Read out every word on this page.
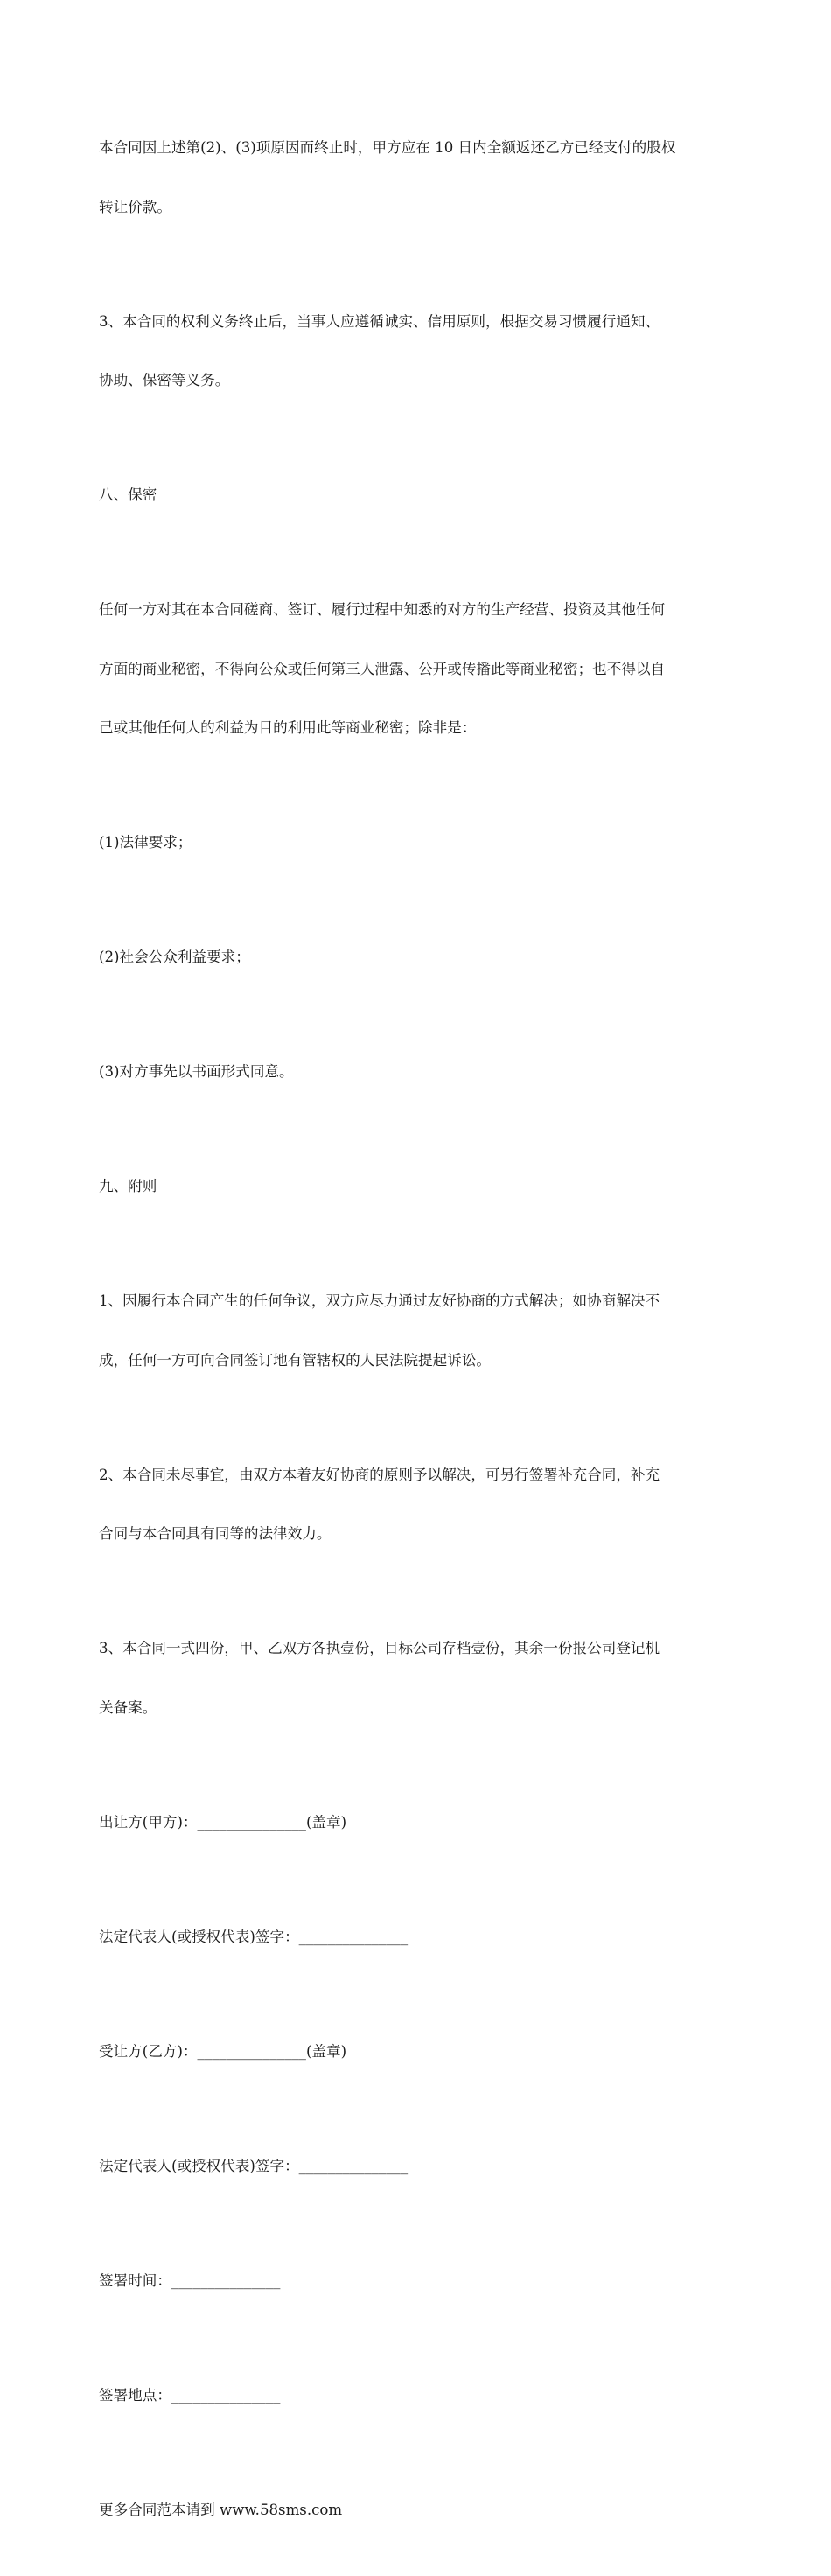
本合同因上述第(2)、(3)项原因而终止时，甲方应在 10 日内全额返还乙方已经支付的股权

转让价款。

3、本合同的权利义务终止后，当事人应遵循诚实、信用原则，根据交易习惯履行通知、

协助、保密等义务。

八、保密

任何一方对其在本合同磋商、签订、履行过程中知悉的对方的生产经营、投资及其他任何

方面的商业秘密，不得向公众或任何第三人泄露、公开或传播此等商业秘密；也不得以自

己或其他任何人的利益为目的利用此等商业秘密；除非是：

(1)法律要求；

(2)社会公众利益要求；

(3)对方事先以书面形式同意。

九、附则

1、因履行本合同产生的任何争议，双方应尽力通过友好协商的方式解决；如协商解决不

成，任何一方可向合同签订地有管辖权的人民法院提起诉讼。

2、本合同未尽事宜，由双方本着友好协商的原则予以解决，可另行签署补充合同，补充

合同与本合同具有同等的法律效力。

3、本合同一式四份，甲、乙双方各执壹份，目标公司存档壹份，其余一份报公司登记机

关备案。

出让方(甲方)：_______________(盖章)

法定代表人(或授权代表)签字：_______________

受让方(乙方)：_______________(盖章)

法定代表人(或授权代表)签字：_______________

签署时间：_______________

签署地点：_______________

更多合同范本请到 www.58sms.com
